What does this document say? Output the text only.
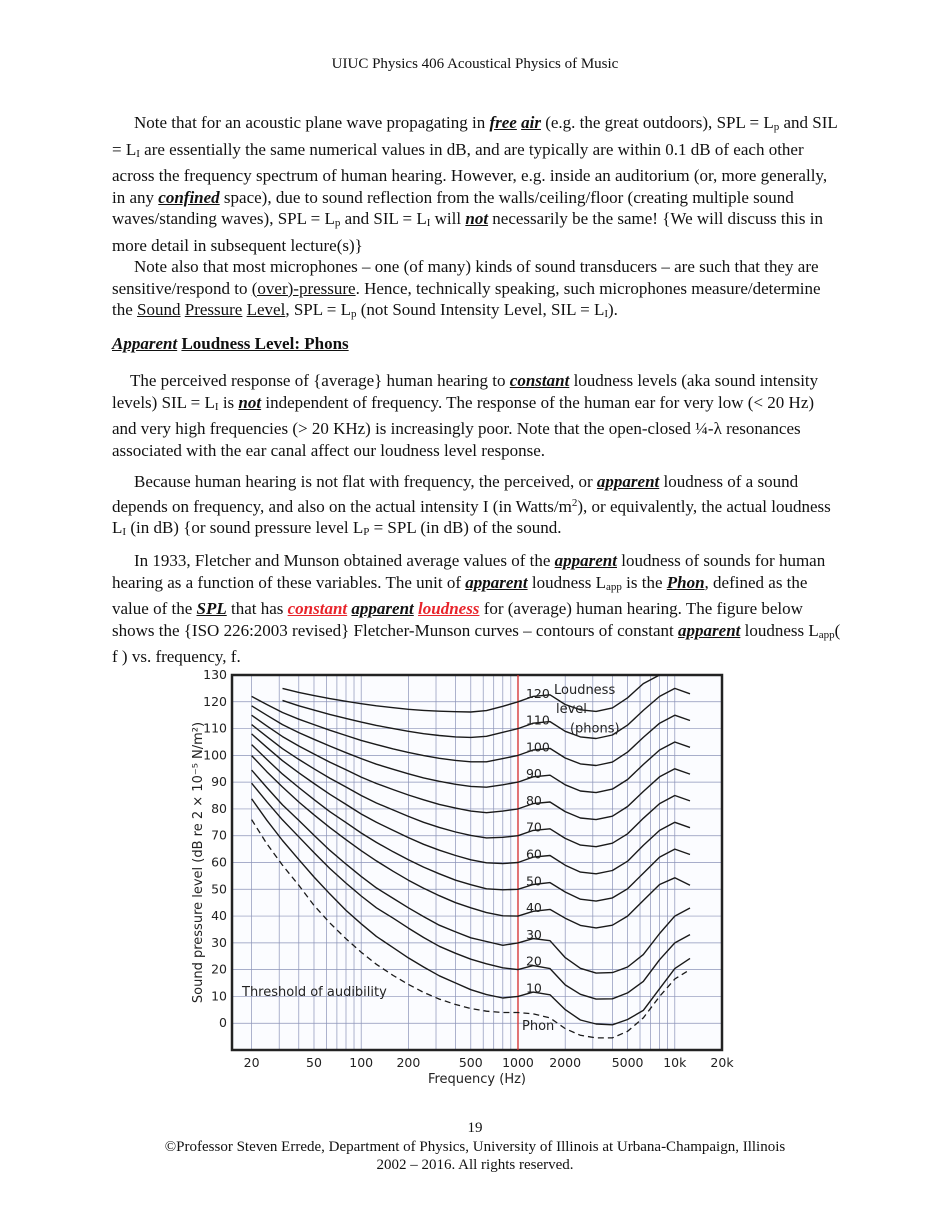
UIUC Physics 406 Acoustical Physics of Music
Note that for an acoustic plane wave propagating in free air (e.g. the great outdoors), SPL = $L_p$ and SIL = $L_I$ are essentially the same numerical values in dB, and are typically are within 0.1 dB of each other across the frequency spectrum of human hearing. However, e.g. inside an auditorium (or, more generally, in any confined space), due to sound reflection from the walls/ceiling/floor (creating multiple sound waves/standing waves), SPL = $L_p$ and SIL = $L_I$ will not necessarily be the same! {We will discuss this in more detail in subsequent lecture(s)}
Note also that most microphones – one (of many) kinds of sound transducers – are such that they are sensitive/respond to (over)-pressure. Hence, technically speaking, such microphones measure/determine the Sound Pressure Level, SPL = $L_p$ (not Sound Intensity Level, SIL = $L_I$).
Apparent Loudness Level: Phons
The perceived response of {average} human hearing to constant loudness levels (aka sound intensity levels) SIL = $L_I$ is not independent of frequency. The response of the human ear for very low (< 20 Hz) and very high frequencies (> 20 KHz) is increasingly poor. Note that the open-closed ¼-λ resonances associated with the ear canal affect our loudness level response.
Because human hearing is not flat with frequency, the perceived, or apparent loudness of a sound depends on frequency, and also on the actual intensity I (in Watts/$m^2$), or equivalently, the actual loudness $L_I$ (in dB) {or sound pressure level $L_P$ = SPL (in dB) of the sound.
In 1933, Fletcher and Munson obtained average values of the apparent loudness of sounds for human hearing as a function of these variables. The unit of apparent loudness $L_{app}$ is the Phon, defined as the value of the SPL that has constant apparent loudness for (average) human hearing. The figure below shows the {ISO 226:2003 revised} Fletcher-Munson curves – contours of constant apparent loudness $L_{app}$( f ) vs. frequency, f.
0
10
20
30
40
50
60
70
80
90
100
110
120
130
20	50 100 200	500 1000 2000 5000 10k 20k
Frequency (Hz)
Sound pressure level (dB re 2 × 10⁻⁵ N/m²)	10
20
30
40
50
60
70
80
90
100
110
120
Threshold of audibility
Loudness
level
(phons)
Phon
19
©Professor Steven Errede, Department of Physics, University of Illinois at Urbana-Champaign, Illinois
2002 – 2016. All rights reserved.
